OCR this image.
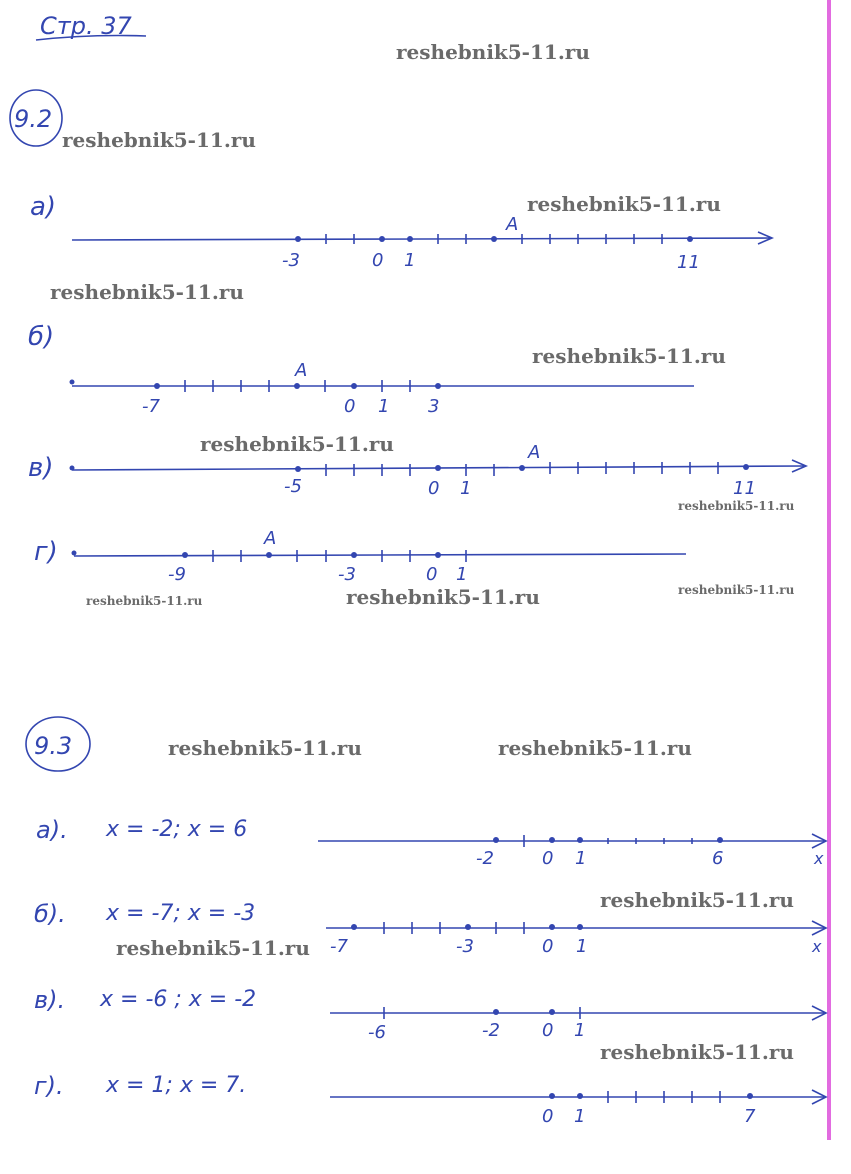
Стр. 37
9.2
9.3
а)
A
-3	0 1	11
б)
A
-7	0 1 3
в)
A
-5	0 1	11
г)	A
-9	-3	0 1
а). x = -2; x = 6
-2	0 1	6	x
б). x = -7; x = -3
-7	-3	0 1	x
в). x = -6 ; x = -2
-6	-2 0 1
г). x = 1; x = 7.
0 1	7
reshebnik5-11.ru
reshebnik5-11.ru
reshebnik5-11.ru
reshebnik5-11.ru
reshebnik5-11.ru
reshebnik5-11.ru
reshebnik5-11.ru
reshebnik5-11.ru	reshebnik5-11.ru	reshebnik5-11.ru
reshebnik5-11.ru	reshebnik5-11.ru
reshebnik5-11.ru
reshebnik5-11.ru
reshebnik5-11.ru
